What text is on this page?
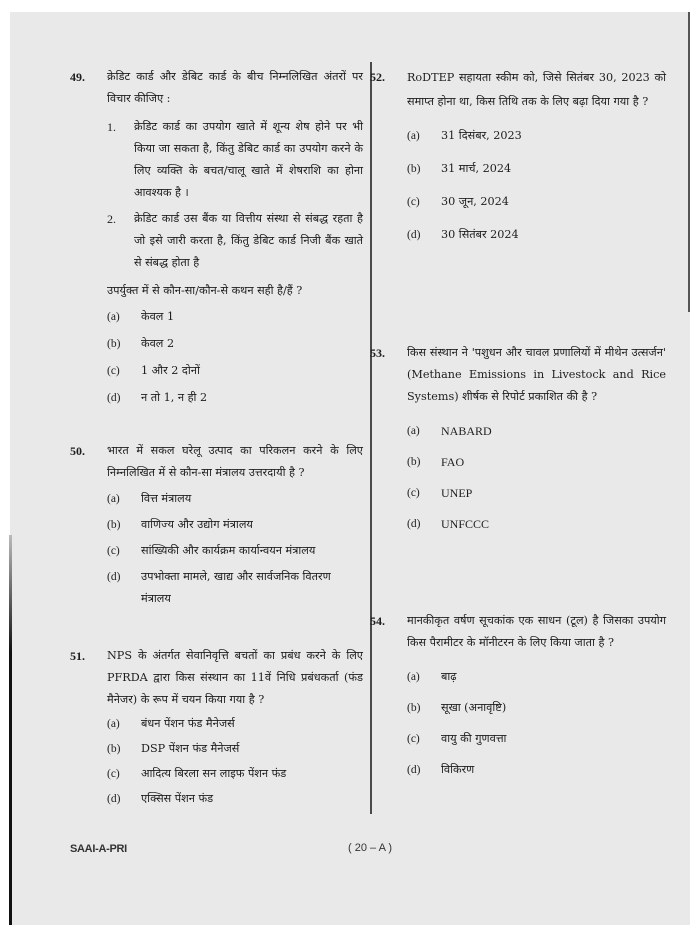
49. क्रेडिट कार्ड और डेबिट कार्ड के बीच निम्नलिखित अंतरों पर विचार कीजिए :
1. क्रेडिट कार्ड का उपयोग खाते में शून्य शेष होने पर भी किया जा सकता है, किंतु डेबिट कार्ड का उपयोग करने के लिए व्यक्ति के बचत/चालू खाते में शेषराशि का होना आवश्यक है ।
2. क्रेडिट कार्ड उस बैंक या वित्तीय संस्था से संबद्ध रहता है जो इसे जारी करता है, किंतु डेबिट कार्ड निजी बैंक खाते से संबद्ध होता है
उपर्युक्त में से कौन-सा/कौन-से कथन सही है/हैं ?
(a) केवल 1
(b) केवल 2
(c) 1 और 2 दोनों
(d) न तो 1, न ही 2
50. भारत में सकल घरेलू उत्पाद का परिकलन करने के लिए निम्नलिखित में से कौन-सा मंत्रालय उत्तरदायी है ?
(a) वित्त मंत्रालय
(b) वाणिज्य और उद्योग मंत्रालय
(c) सांख्यिकी और कार्यक्रम कार्यान्वयन मंत्रालय
(d) उपभोक्ता मामले, खाद्य और सार्वजनिक वितरण मंत्रालय
51. NPS के अंतर्गत सेवानिवृत्ति बचतों का प्रबंध करने के लिए PFRDA द्वारा किस संस्थान का 11वें निधि प्रबंधकर्ता (फंड मैनेजर) के रूप में चयन किया गया है ?
(a) बंधन पेंशन फंड मैनेजर्स
(b) DSP पेंशन फंड मैनेजर्स
(c) आदित्य बिरला सन लाइफ पेंशन फंड
(d) एक्सिस पेंशन फंड
52. RoDTEP सहायता स्कीम को, जिसे सितंबर 30, 2023 को समाप्त होना था, किस तिथि तक के लिए बढ़ा दिया गया है ?
(a) 31 दिसंबर, 2023
(b) 31 मार्च, 2024
(c) 30 जून, 2024
(d) 30 सितंबर 2024
53. किस संस्थान ने 'पशुधन और चावल प्रणालियों में मीथेन उत्सर्जन' (Methane Emissions in Livestock and Rice Systems) शीर्षक से रिपोर्ट प्रकाशित की है ?
(a) NABARD
(b) FAO
(c) UNEP
(d) UNFCCC
54. मानकीकृत वर्षण सूचकांक एक साधन (टूल) है जिसका उपयोग किस पैरामीटर के मॉनीटरन के लिए किया जाता है ?
(a) बाढ़
(b) सूखा (अनावृष्टि)
(c) वायु की गुणवत्ता
(d) विकिरण
SAAI-A-PRI	( 20 – A )
